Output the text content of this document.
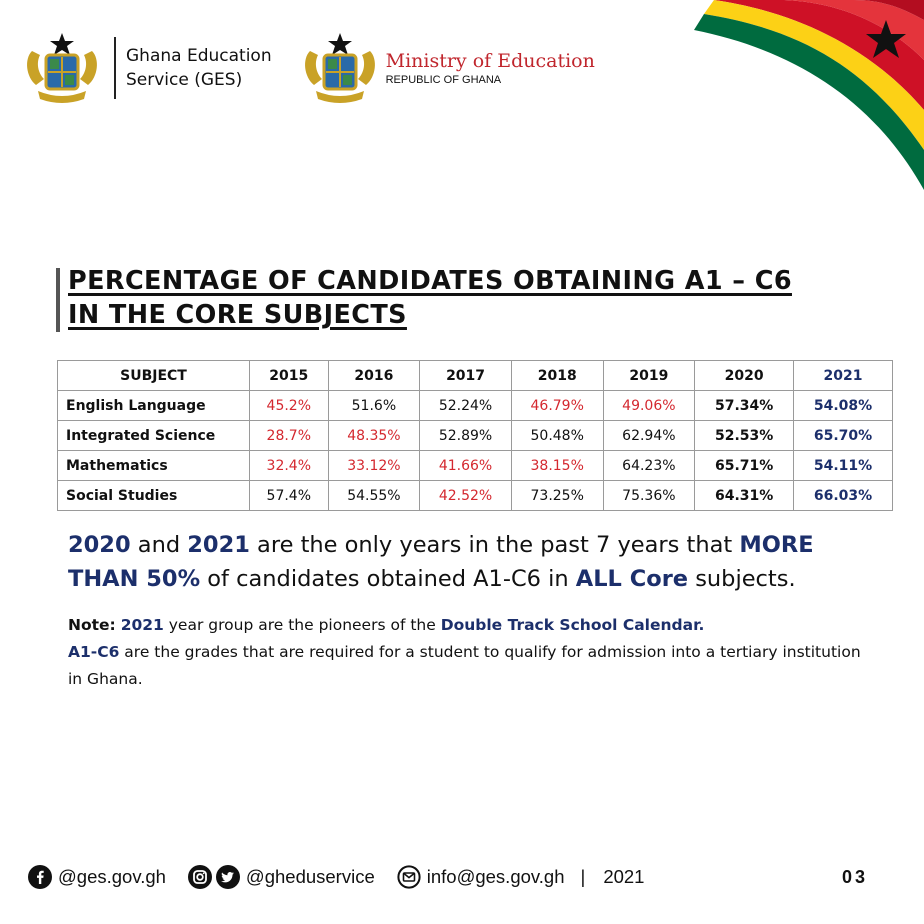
Ghana Education
Service (GES)
Ministry of Education
REPUBLIC OF GHANA
PERCENTAGE OF CANDIDATES OBTAINING A1 – C6
IN THE CORE SUBJECTS
SUBJECT	2015	2016	2017	2018	2019	2020	2021
English Language	45.2%	51.6%	52.24%	46.79%	49.06%	57.34%	54.08%
Integrated Science	28.7%	48.35%	52.89%	50.48%	62.94%	52.53%	65.70%
Mathematics	32.4%	33.12%	41.66%	38.15%	64.23%	65.71%	54.11%
Social Studies	57.4%	54.55%	42.52%	73.25%	75.36%	64.31%	66.03%
2020 and 2021 are the only years in the past 7 years that MORE THAN 50% of candidates obtained A1-C6 in ALL Core subjects.
Note: 2021 year group are the pioneers of the Double Track School Calendar.
A1-C6 are the grades that are required for a student to qualify for admission into a tertiary institution in Ghana.
@ges.gov.gh	@gheduservice	info@ges.gov.gh | 2021	03
